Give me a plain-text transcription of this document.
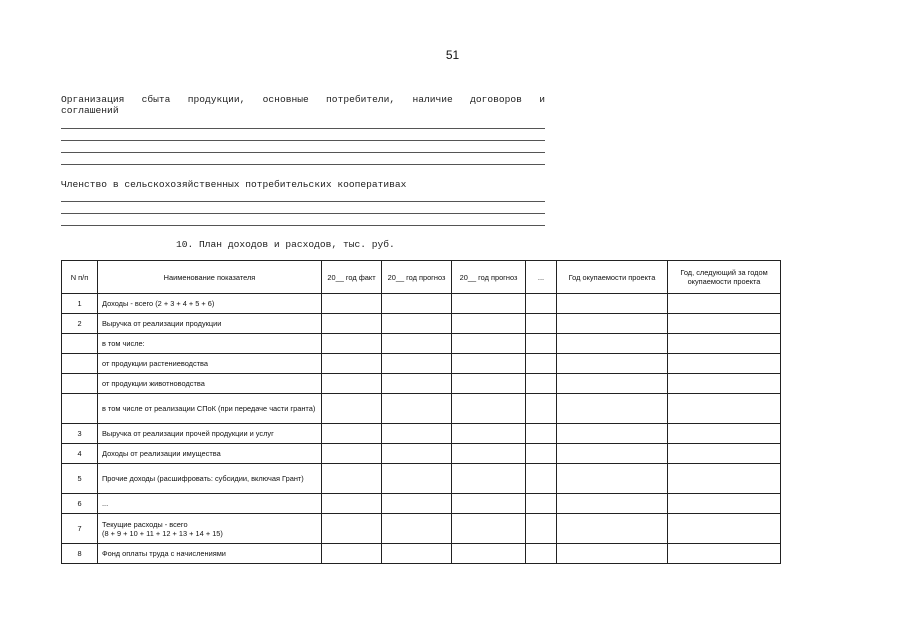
51
Организация сбыта продукции, основные потребители, наличие договоров и
соглашений
Членство в сельскохозяйственных потребительских кооперативах
10. План доходов и расходов, тыс. руб.
N п/п	Наименование показателя	20__ год факт	20__ год прогноз	20__ год прогноз	...	Год окупаемости проекта	Год, следующий за годом окупаемости проекта
1	Доходы - всего (2 + 3 + 4 + 5 + 6)						
2	Выручка от реализации продукции						
	в том числе:						
	от продукции растениеводства						
	от продукции животноводства						
	в том числе от реализации СПоК (при передаче части гранта)						
3	Выручка от реализации прочей продукции и услуг						
4	Доходы от реализации имущества						
5	Прочие доходы (расшифровать: субсидии, включая Грант)						
6	...						
7	Текущие расходы - всего
(8 + 9 + 10 + 11 + 12 + 13 + 14 + 15)						
8	Фонд оплаты труда с начислениями						
